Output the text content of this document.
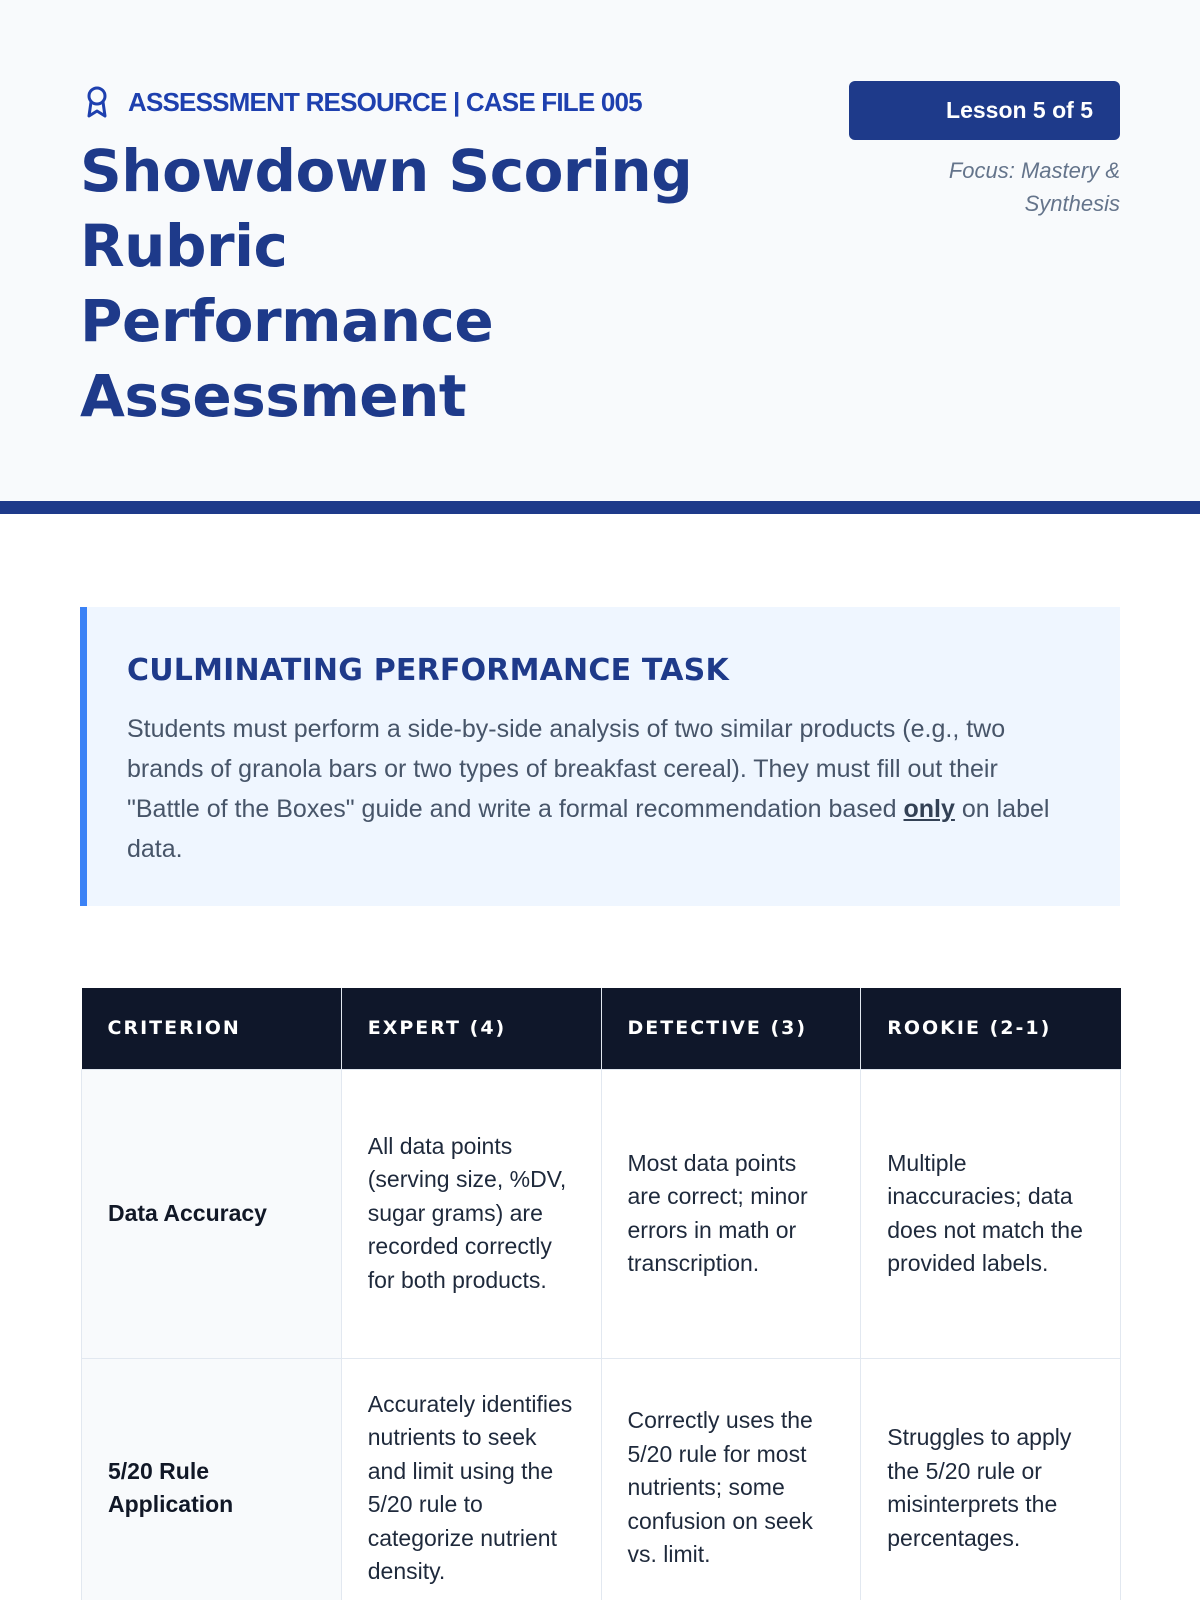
ASSESSMENT RESOURCE | CASE FILE 005
Showdown Scoring
Rubric
Performance
Assessment
Lesson 5 of 5
Focus: Mastery & Synthesis
CULMINATING PERFORMANCE TASK

Students must perform a side-by-side analysis of two similar products (e.g., two brands of granola bars or two types of breakfast cereal). They must fill out their "Battle of the Boxes" guide and write a formal recommendation based only on label data.

CRITERION	EXPERT (4)	DETECTIVE (3)	ROOKIE (2-1)
Data Accuracy	All data points (serving size, %DV, sugar grams) are recorded correctly for both products.	Most data points are correct; minor errors in math or transcription.	Multiple inaccuracies; data does not match the provided labels.
5/20 Rule Application	Accurately identifies nutrients to seek and limit using the 5/20 rule to categorize nutrient density.	Correctly uses the 5/20 rule for most nutrients; some confusion on seek vs. limit.	Struggles to apply the 5/20 rule or misinterprets the percentages.
